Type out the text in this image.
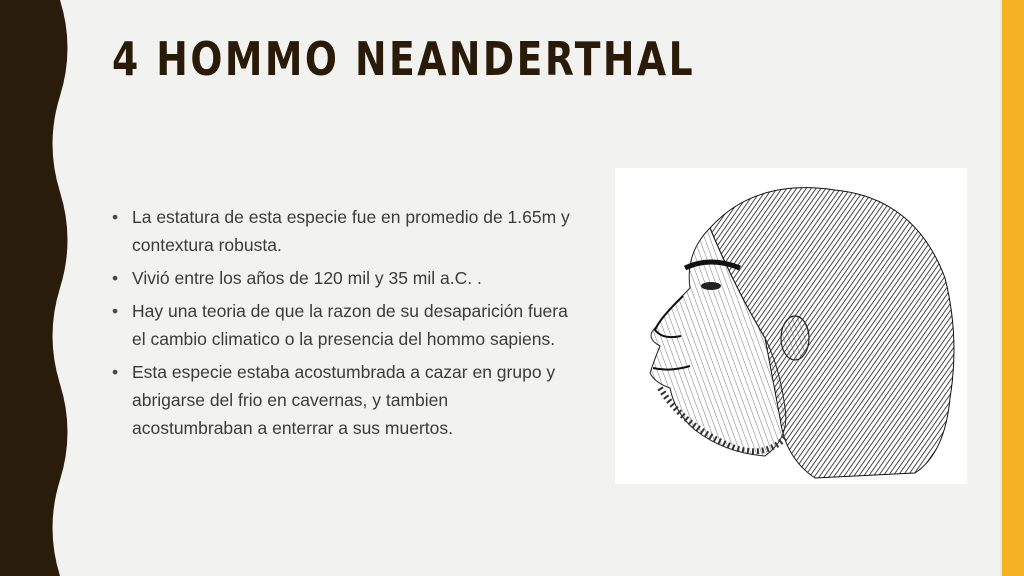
4 HOMMO NEANDERTHAL
• La estatura de esta especie fue en promedio de 1.65m y contextura robusta.
• Vivió entre los años de 120 mil y 35 mil a.C. .
• Hay una teoria de que la razon de su desaparición fuera el cambio climatico o la presencia del hommo sapiens.
• Esta especie estaba acostumbrada a cazar en grupo y abrigarse del frio en cavernas, y tambien acostumbraban a enterrar a sus muertos.
